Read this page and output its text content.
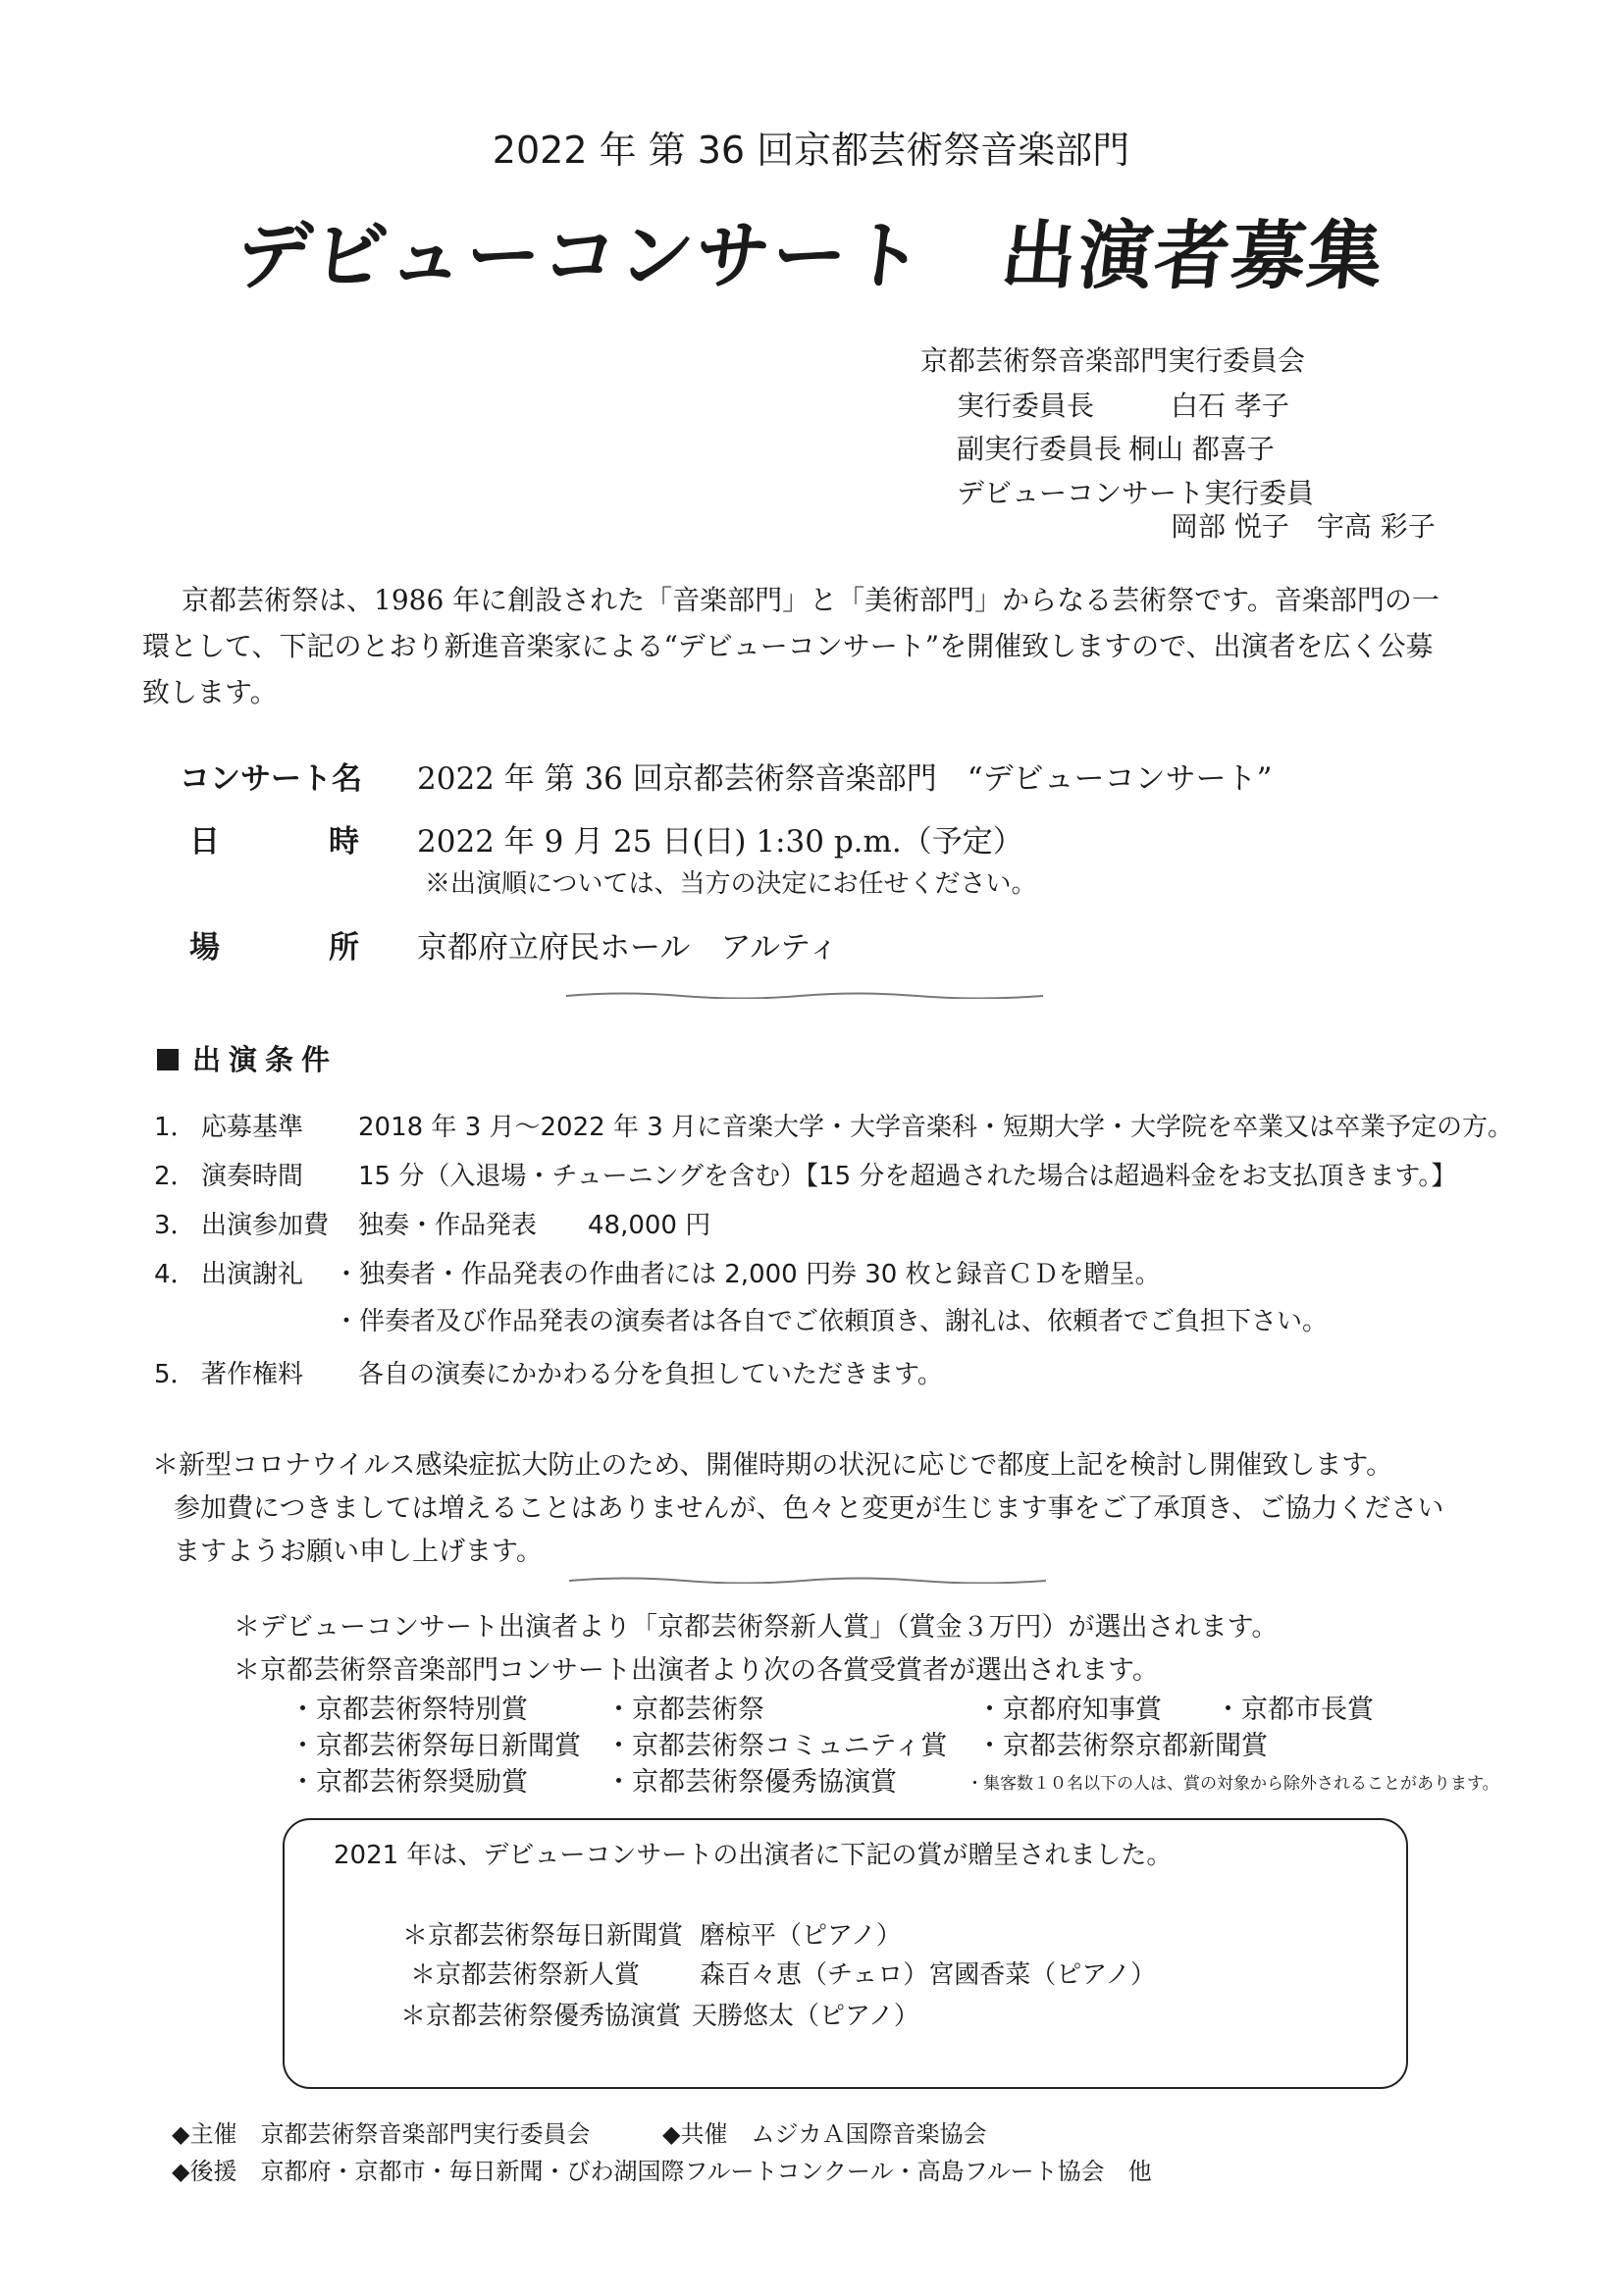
2022 年 第 36 回京都芸術祭音楽部門
デビューコンサート　出演者募集
京都芸術祭音楽部門実行委員会
実行委員長	白石 孝子
副実行委員長 桐山 都喜子
デビューコンサート実行委員
岡部 悦子　宇高 彩子

京都芸術祭は、1986 年に創設された「音楽部門」と「美術部門」からなる芸術祭です。音楽部門の一環として、下記のとおり新進音楽家による“デビューコンサート”を開催致しますので、出演者を広く公募致します。

コンサート名 2022 年 第 36 回京都芸術祭音楽部門　“デビューコンサート”
日	時 2022 年 9 月 25 日(日) 1:30 p.m.（予定）
※出演順については、当方の決定にお任せください。
場	所 京都府立府民ホール　アルティ
出演条件
1． 応募基準 2018 年 3 月～2022 年 3 月に音楽大学・大学音楽科・短期大学・大学院を卒業又は卒業予定の方。
2． 演奏時間 15 分（入退場・チューニングを含む）【15 分を超過された場合は超過料金をお支払頂きます。】
3． 出演参加費 独奏・作品発表　　48,000 円
4． 出演謝礼 ・独奏者・作品発表の作曲者には 2,000 円券 30 枚と録音ＣＤを贈呈。
・伴奏者及び作品発表の演奏者は各自でご依頼頂き、謝礼は、依頼者でご負担下さい。
5． 著作権料 各自の演奏にかかわる分を負担していただきます。
＊新型コロナウイルス感染症拡大防止のため、開催時期の状況に応じで都度上記を検討し開催致します。
参加費につきましては増えることはありませんが、色々と変更が生じます事をご了承頂き、ご協力ください
ますようお願い申し上げます。
＊デビューコンサート出演者より「京都芸術祭新人賞」（賞金３万円）が選出されます。
＊京都芸術祭音楽部門コンサート出演者より次の各賞受賞者が選出されます。
・京都芸術祭特別賞	・京都芸術祭	・京都府知事賞 ・京都市長賞
・京都芸術祭毎日新聞賞 ・京都芸術祭コミュニティ賞 ・京都芸術祭京都新聞賞
・京都芸術祭奨励賞	・京都芸術祭優秀協演賞	・集客数１０名以下の人は、賞の対象から除外されることがあります。
2021 年は、デビューコンサートの出演者に下記の賞が贈呈されました。
＊京都芸術祭毎日新聞賞 磨椋平（ピアノ）
＊京都芸術祭新人賞 森百々恵（チェロ）宮國香菜（ピアノ）
＊京都芸術祭優秀協演賞 天勝悠太（ピアノ）
◆主催　京都芸術祭音楽部門実行委員会	◆共催　ムジカＡ国際音楽協会
◆後援　京都府・京都市・毎日新聞・びわ湖国際フルートコンクール・高島フルート協会　他
